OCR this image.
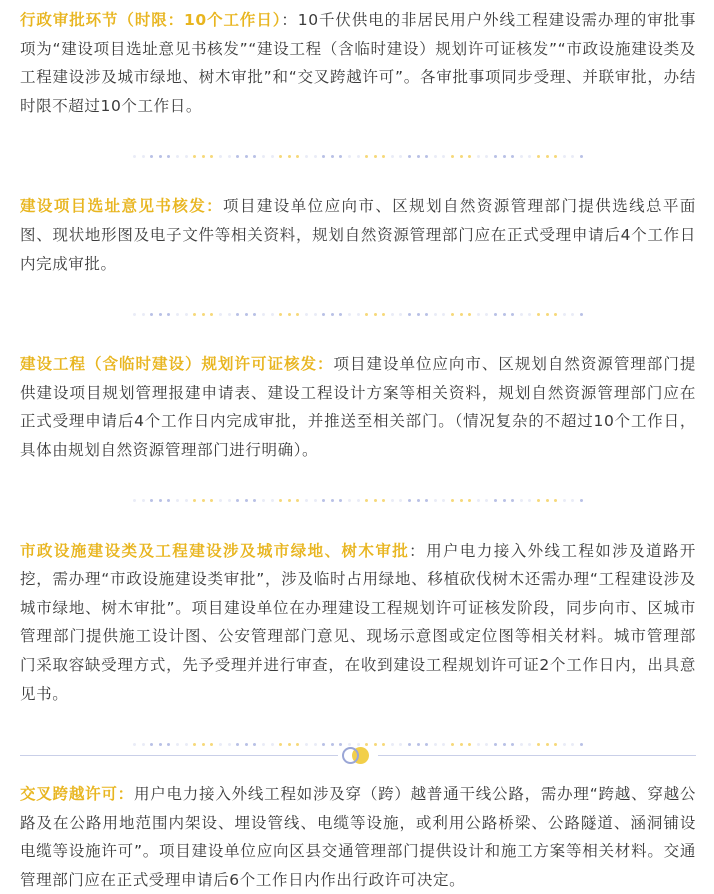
行政审批环节（时限：10个工作日）：10千伏供电的非居民用户外线工程建设需办理的审批事项为“建设项目选址意见书核发”“建设工程（含临时建设）规划许可证核发”“市政设施建设类及工程建设涉及城市绿地、树木审批”和“交叉跨越许可”。各审批事项同步受理、并联审批，办结时限不超过10个工作日。

建设项目选址意见书核发：项目建设单位应向市、区规划自然资源管理部门提供选线总平面图、现状地形图及电子文件等相关资料，规划自然资源管理部门应在正式受理申请后4个工作日内完成审批。

建设工程（含临时建设）规划许可证核发：项目建设单位应向市、区规划自然资源管理部门提供建设项目规划管理报建申请表、建设工程设计方案等相关资料，规划自然资源管理部门应在正式受理申请后4个工作日内完成审批，并推送至相关部门。（情况复杂的不超过10个工作日，具体由规划自然资源管理部门进行明确）。

市政设施建设类及工程建设涉及城市绿地、树木审批：用户电力接入外线工程如涉及道路开挖，需办理“市政设施建设类审批”，涉及临时占用绿地、移植砍伐树木还需办理“工程建设涉及城市绿地、树木审批”。项目建设单位在办理建设工程规划许可证核发阶段，同步向市、区城市管理部门提供施工设计图、公安管理部门意见、现场示意图或定位图等相关材料。城市管理部门采取容缺受理方式，先予受理并进行审查，在收到建设工程规划许可证2个工作日内，出具意见书。

交叉跨越许可：用户电力接入外线工程如涉及穿（跨）越普通干线公路，需办理“跨越、穿越公路及在公路用地范围内架设、埋设管线、电缆等设施，或利用公路桥梁、公路隧道、涵洞铺设电缆等设施许可”。项目建设单位应向区县交通管理部门提供设计和施工方案等相关材料。交通管理部门应在正式受理申请后6个工作日内作出行政许可决定。
